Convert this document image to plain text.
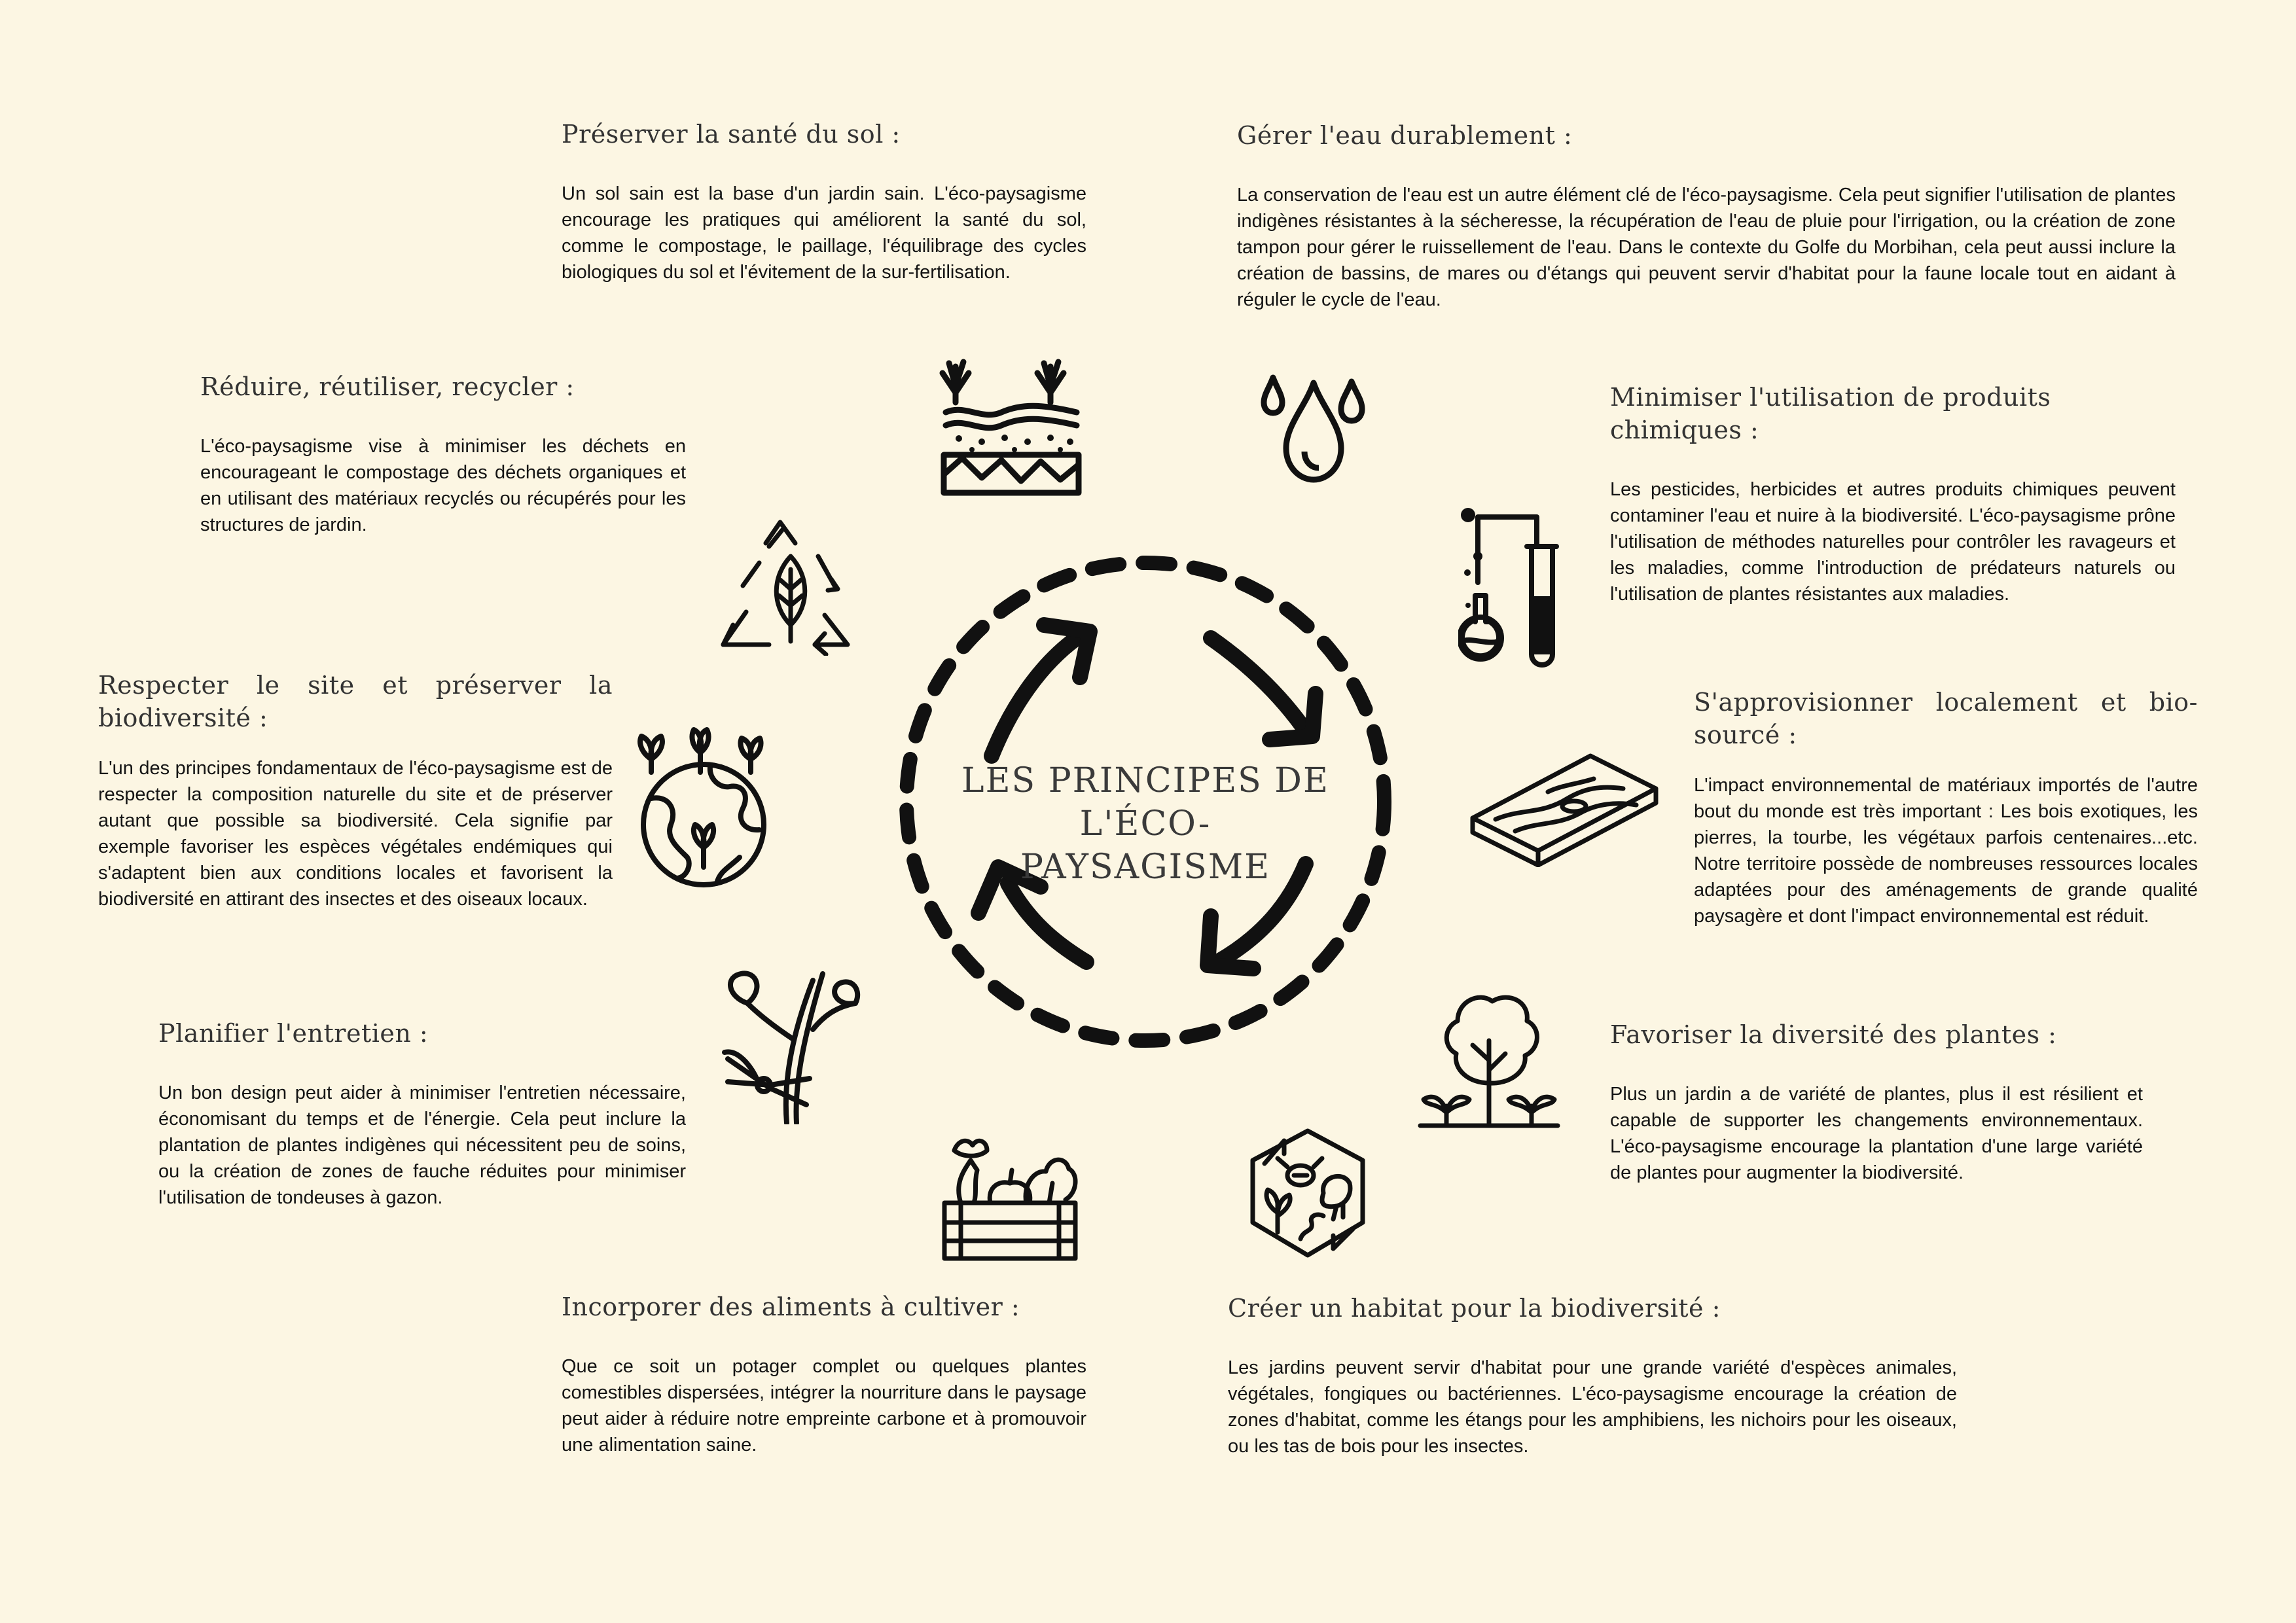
Préserver la santé du sol :

Un sol sain est la base d'un jardin sain. L'éco-paysagisme encourage les pratiques qui améliorent la santé du sol, comme le compostage, le paillage, l'équilibrage des cycles biologiques du sol et l'évitement de la sur-fertilisation.

Gérer l'eau durablement :

La conservation de l'eau est un autre élément clé de l'éco-paysagisme. Cela peut signifier l'utilisation de plantes indigènes résistantes à la sécheresse, la récupération de l'eau de pluie pour l'irrigation, ou la création de zone tampon pour gérer le ruissellement de l'eau. Dans le contexte du Golfe du Morbihan, cela peut aussi inclure la création de bassins, de mares ou d'étangs qui peuvent servir d'habitat pour la faune locale tout en aidant à réguler le cycle de l'eau.

Réduire, réutiliser, recycler :

L'éco-paysagisme vise à minimiser les déchets en encourageant le compostage des déchets organiques et en utilisant des matériaux recyclés ou récupérés pour les structures de jardin.

Minimiser l'utilisation de produits chimiques :

Les pesticides, herbicides et autres produits chimiques peuvent contaminer l'eau et nuire à la biodiversité. L'éco-paysagisme prône l'utilisation de méthodes naturelles pour contrôler les ravageurs et les maladies, comme l'introduction de prédateurs naturels ou l'utilisation de plantes résistantes aux maladies.

Respecter le site et préserver la biodiversité :

L'un des principes fondamentaux de l'éco-paysagisme est de respecter la composition naturelle du site et de préserver autant que possible sa biodiversité. Cela signifie par exemple favoriser les espèces végétales endémiques qui s'adaptent bien aux conditions locales et favorisent la biodiversité en attirant des insectes et des oiseaux locaux.

S'approvisionner localement et bio-sourcé :

L'impact environnemental de matériaux importés de l'autre bout du monde est très important : Les bois exotiques, les pierres, la tourbe, les végétaux parfois centenaires...etc. Notre territoire possède de nombreuses ressources locales adaptées pour des aménagements de grande qualité paysagère et dont l'impact environnemental est réduit.

Planifier l'entretien :

Un bon design peut aider à minimiser l'entretien nécessaire, économisant du temps et de l'énergie. Cela peut inclure la plantation de plantes indigènes qui nécessitent peu de soins, ou la création de zones de fauche réduites pour minimiser l'utilisation de tondeuses à gazon.

Favoriser la diversité des plantes :

Plus un jardin a de variété de plantes, plus il est résilient et capable de supporter les changements environnementaux. L'éco-paysagisme encourage la plantation d'une large variété de plantes pour augmenter la biodiversité.

Incorporer des aliments à cultiver :

Que ce soit un potager complet ou quelques plantes comestibles dispersées, intégrer la nourriture dans le paysage peut aider à réduire notre empreinte carbone et à promouvoir une alimentation saine.

Créer un habitat pour la biodiversité :

Les jardins peuvent servir d'habitat pour une grande variété d'espèces animales, végétales, fongiques ou bactériennes. L'éco-paysagisme encourage la création de zones d'habitat, comme les étangs pour les amphibiens, les nichoirs pour les oiseaux, ou les tas de bois pour les insectes.

LES PRINCIPES DE
L'ÉCO-PAYSAGISME
